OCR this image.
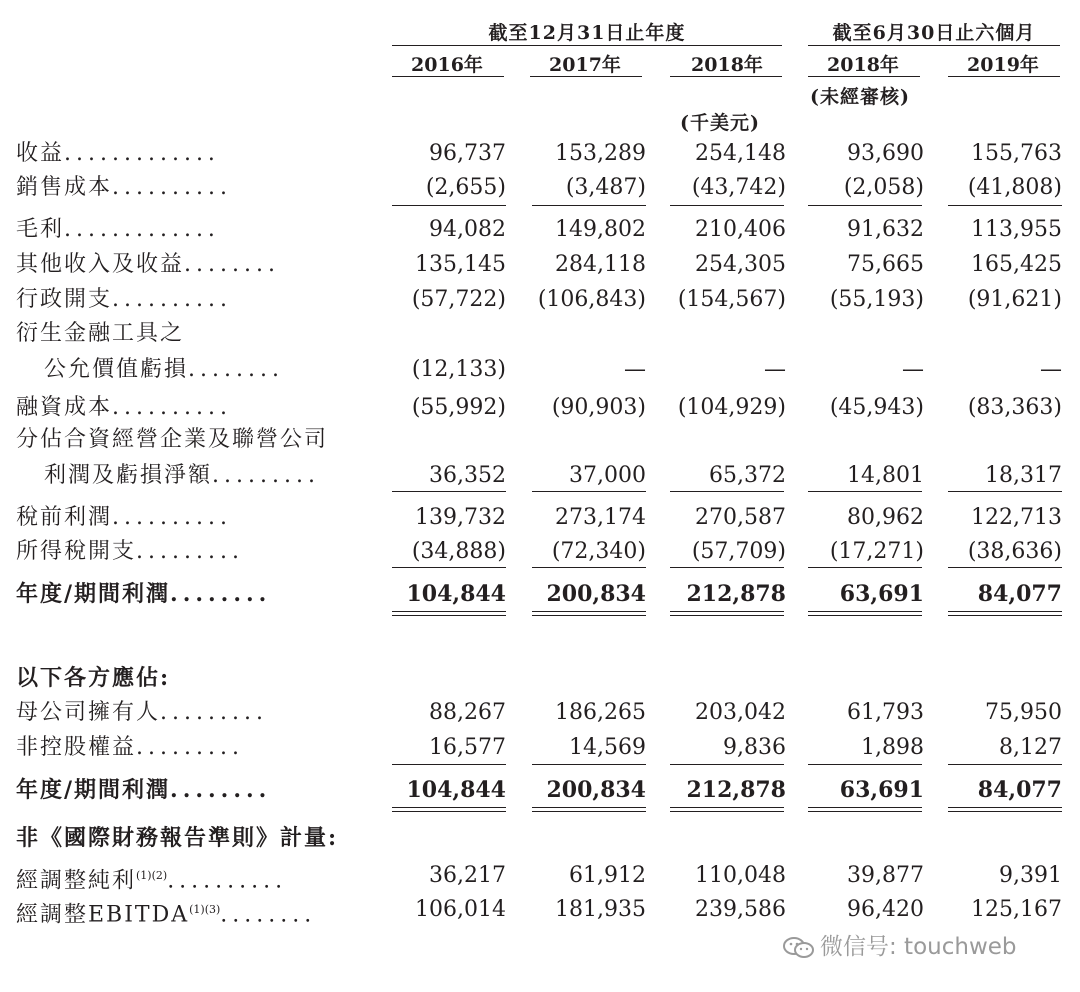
截至12月31日止年度	截至6月30日止六個月
2016年	2017年	2018年	2018年	2019年
(未經審核)
(千美元)
收益.............	96,737	153,289	254,148	93,690	155,763
銷售成本..........	(2,655)	(3,487)	(43,742)	(2,058)	(41,808)
毛利.............	94,082	149,802	210,406	91,632	113,955
其他收入及收益........	135,145	284,118	254,305	75,665	165,425
行政開支..........	(57,722)	(106,843)	(154,567)	(55,193)	(91,621)
衍生金融工具之
公允價值虧損........	(12,133)	—	—	—	—
融資成本..........	(55,992)	(90,903)	(104,929)	(45,943)	(83,363)
分佔合資經營企業及聯營公司
利潤及虧損淨額.........	36,352	37,000	65,372	14,801	18,317
稅前利潤..........	139,732	273,174	270,587	80,962	122,713
所得稅開支.........	(34,888)	(72,340)	(57,709)	(17,271)	(38,636)
年度/期間利潤........	104,844	200,834	212,878	63,691	84,077
以下各方應佔:
母公司擁有人.........	88,267	186,265	203,042	61,793	75,950
非控股權益.........	16,577	14,569	9,836	1,898	8,127
年度/期間利潤........	104,844	200,834	212,878	63,691	84,077
非《國際財務報告準則》計量:
經調整純利$^{(1)(2)}$..........	36,217	61,912	110,048	39,877	9,391
經調整$EBITDA^{(1)(3)}$........	106,014	181,935	239,586	96,420	125,167
微信号: touchweb
